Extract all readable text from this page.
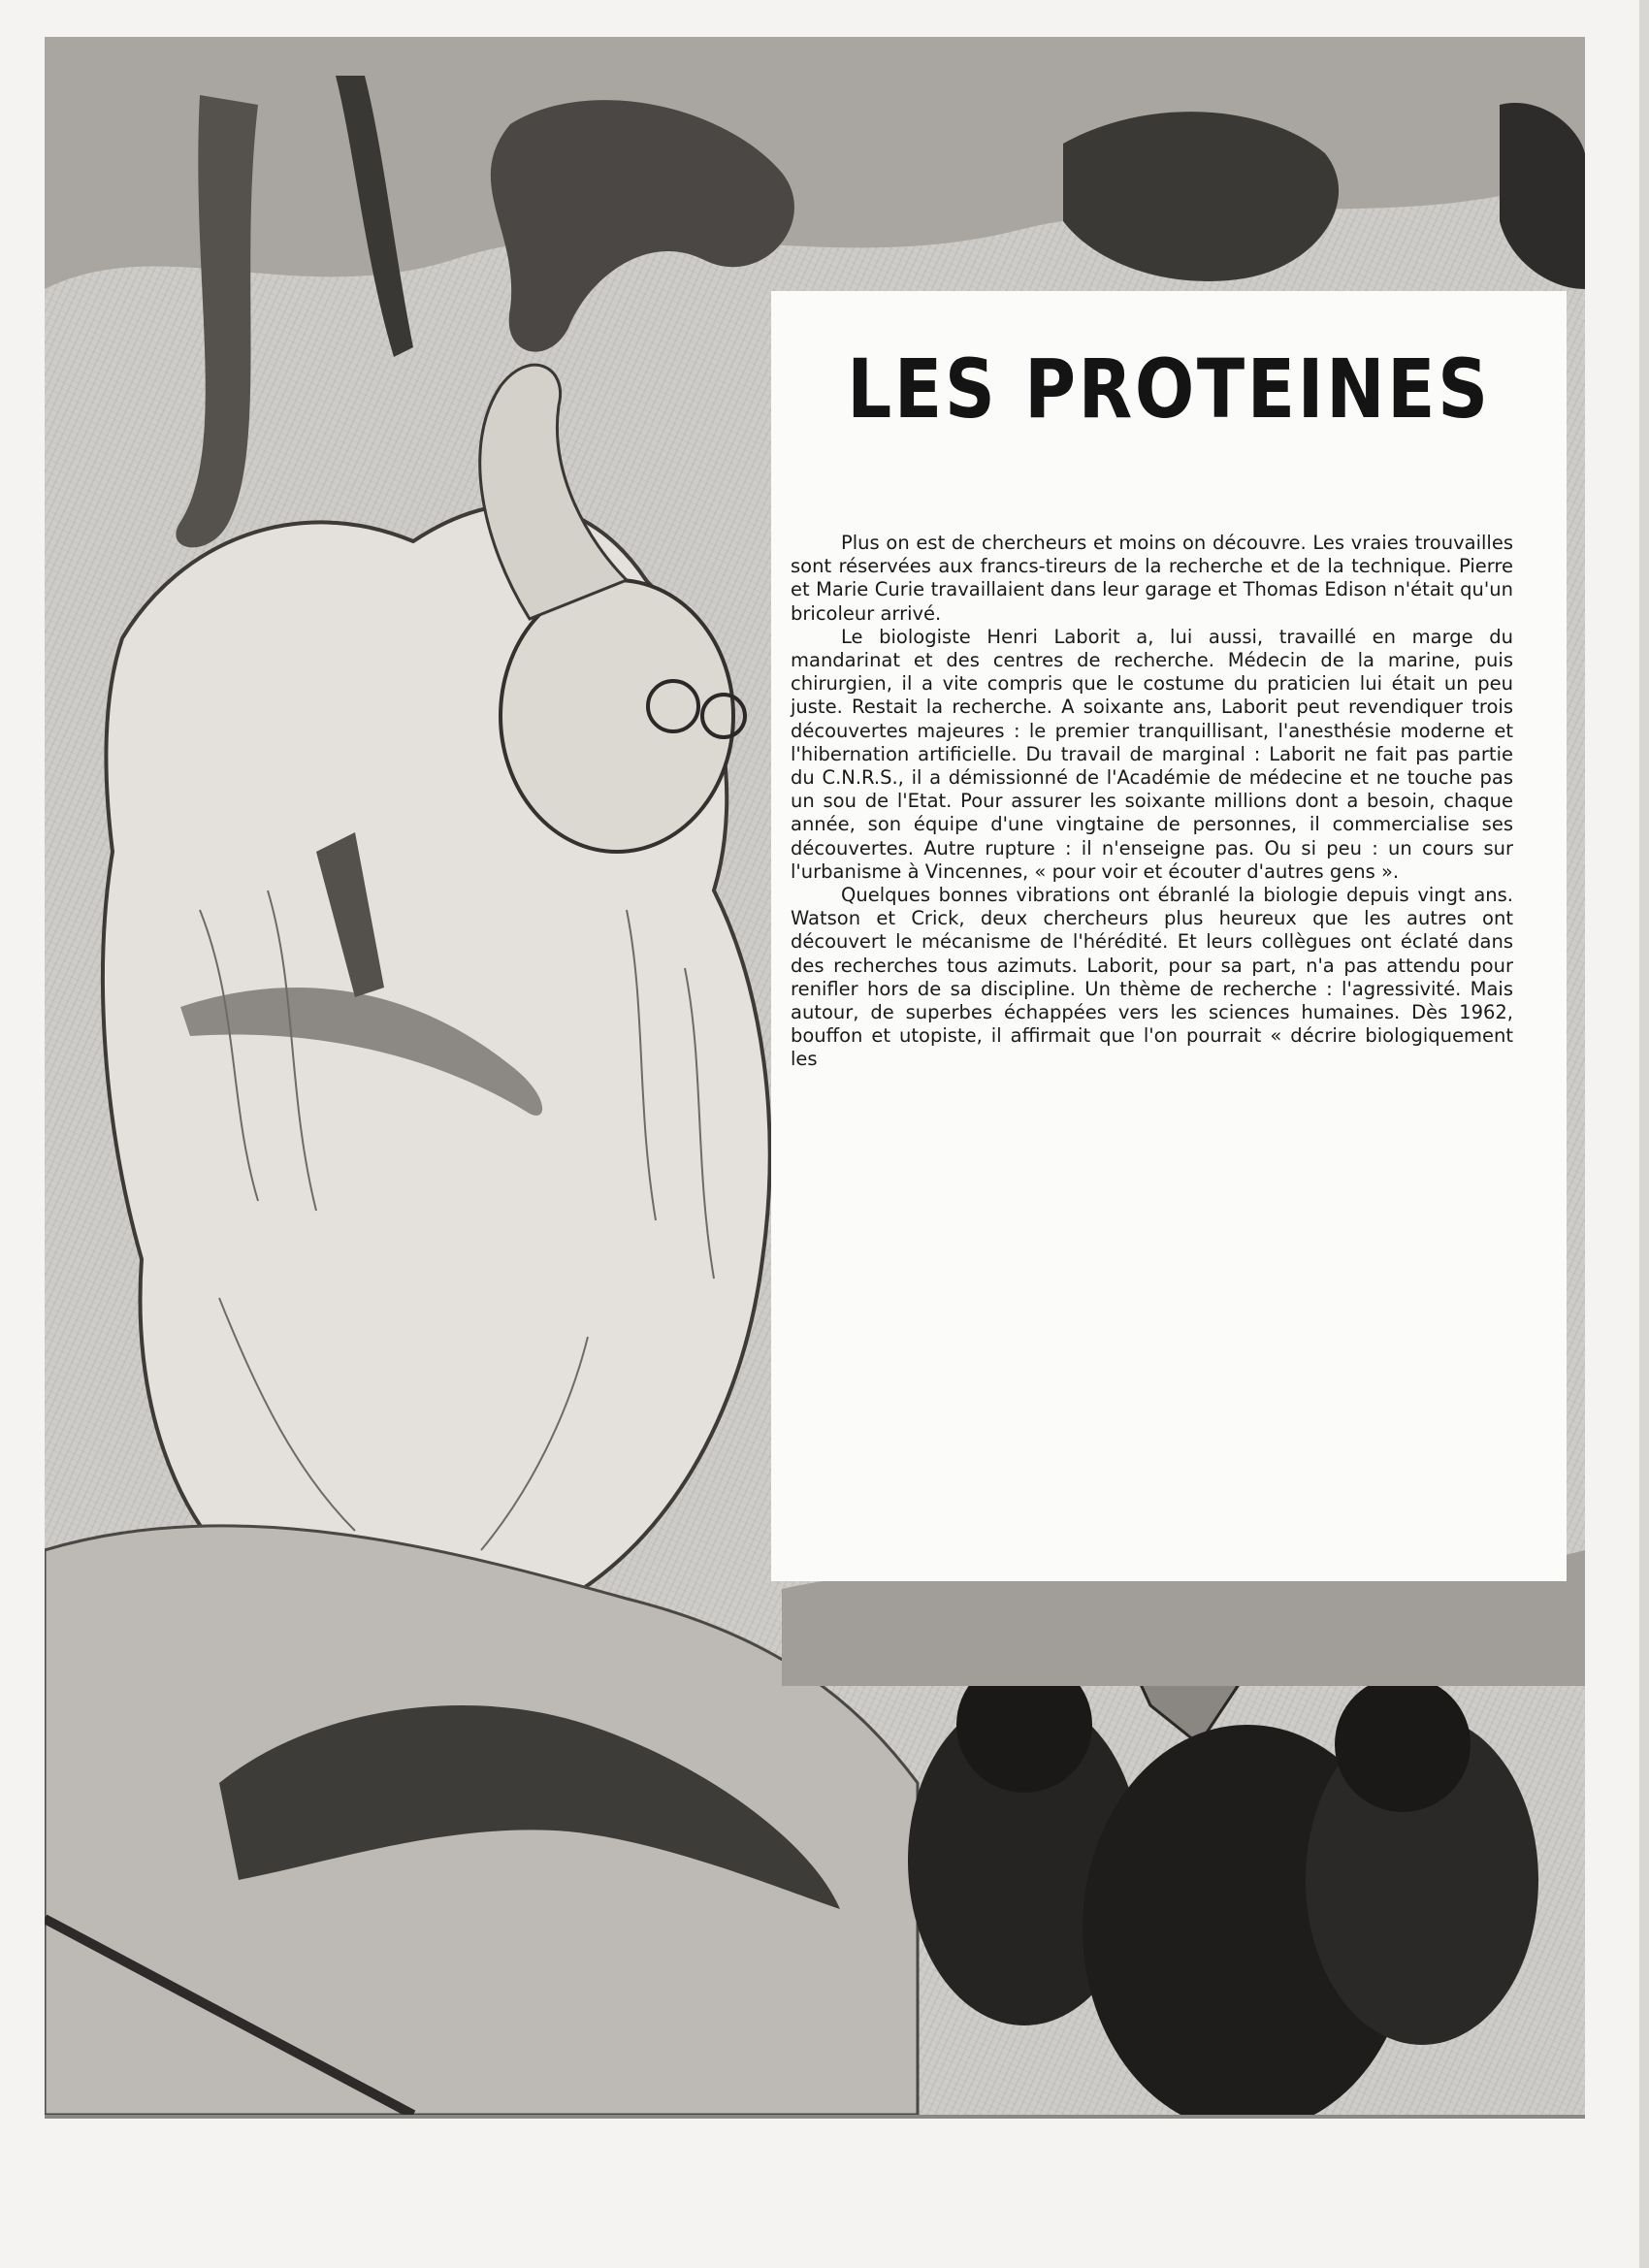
LES PROTEINES

Plus on est de chercheurs et moins on découvre. Les vraies trouvailles sont réservées aux francs-tireurs de la recherche et de la technique. Pierre et Marie Curie travaillaient dans leur garage et Thomas Edison n'était qu'un bricoleur arrivé.

Le biologiste Henri Laborit a, lui aussi, travaillé en marge du mandarinat et des centres de recherche. Médecin de la marine, puis chirurgien, il a vite compris que le costume du praticien lui était un peu juste. Restait la recherche. A soixante ans, Laborit peut revendiquer trois découvertes majeures : le premier tranquillisant, l'anesthésie moderne et l'hibernation artificielle. Du travail de marginal : Laborit ne fait pas partie du C.N.R.S., il a démissionné de l'Académie de médecine et ne touche pas un sou de l'Etat. Pour assurer les soixante millions dont a besoin, chaque année, son équipe d'une vingtaine de personnes, il commercialise ses découvertes. Autre rupture : il n'enseigne pas. Ou si peu : un cours sur l'urbanisme à Vincennes, « pour voir et écouter d'autres gens ».

Quelques bonnes vibrations ont ébranlé la biologie depuis vingt ans. Watson et Crick, deux chercheurs plus heureux que les autres ont découvert le mécanisme de l'hérédité. Et leurs collègues ont éclaté dans des recherches tous azimuts. Laborit, pour sa part, n'a pas attendu pour renifler hors de sa discipline. Un thème de recherche : l'agressivité. Mais autour, de superbes échappées vers les sciences humaines. Dès 1962, bouffon et utopiste, il affirmait que l'on pourrait « décrire biologiquement les
